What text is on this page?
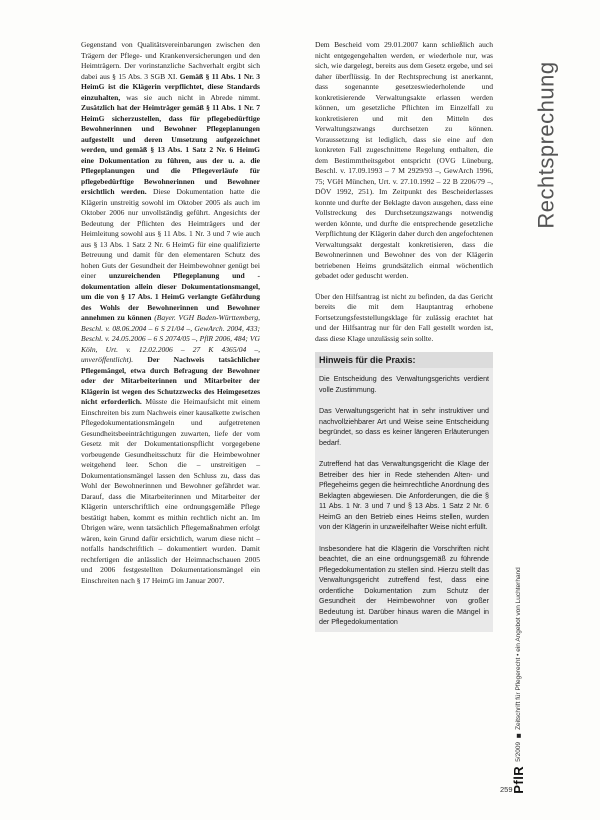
Gegenstand von Qualitätsvereinbarungen zwischen den Trägern der Pflege- und Krankenversicherungen und den Heimträgern. Der vorinstanzliche Sachverhalt ergibt sich dabei aus § 15 Abs. 3 SGB XI. Gemäß § 11 Abs. 1 Nr. 3 HeimG ist die Klägerin verpflichtet, diese Standards einzuhalten, was sie auch nicht in Abrede nimmt. Zusätzlich hat der Heimträger gemäß § 11 Abs. 1 Nr. 7 HeimG sicherzustellen, dass für pflegebedürftige Bewohnerinnen und Bewohner Pflegeplanungen aufgestellt und deren Umsetzung aufgezeichnet werden, und gemäß § 13 Abs. 1 Satz 2 Nr. 6 HeimG eine Dokumentation zu führen, aus der u. a. die Pflegeplanungen und die Pflegeverläufe für pflegebedürftige Bewohnerinnen und Bewohner ersichtlich werden. Diese Dokumentation hatte die Klägerin unstreitig sowohl im Oktober 2005 als auch im Oktober 2006 nur unvollständig geführt. Angesichts der Bedeutung der Pflichten des Heimträgers und der Heimleitung sowohl aus § 11 Abs. 1 Nr. 3 und 7 wie auch aus § 13 Abs. 1 Satz 2 Nr. 6 HeimG für eine qualifizierte Betreuung und damit für den elementaren Schutz des hohen Guts der Gesundheit der Heimbewohner genügt bei einer unzureichenden Pflegeplanung und -dokumentation allein dieser Dokumentationsmangel, um die von § 17 Abs. 1 HeimG verlangte Gefährdung des Wohls der Bewohnerinnen und Bewohner annehmen zu können (Bayer. VGH Baden-Württemberg, Beschl. v. 08.06.2004 – 6 S 21/04 –, GewArch. 2004, 433; Beschl. v. 24.05.2006 – 6 S 2074/05 –, PflR 2006, 484; VG Köln, Urt. v. 12.02.2006 – 27 K 4365/04 –, unveröffentlicht). Der Nachweis tatsächlicher Pflegemängel, etwa durch Befragung der Bewohner oder der Mitarbeiterinnen und Mitarbeiter der Klägerin ist wegen des Schutzzwecks des Heimgesetzes nicht erforderlich. Müsste die Heimaufsicht mit einem Einschreiten bis zum Nachweis einer kausalkette zwischen Pflegedokumentationsmängeln und aufgetretenen Gesundheitsbeeinträchtigungen zuwarten, liefe der vom Gesetz mit der Dokumentationspflicht vorgegebene vorbeugende Gesundheitsschutz für die Heimbewohner weitgehend leer. Schon die – unstreitigen – Dokumentationsmängel lassen den Schluss zu, dass das Wohl der Bewohnerinnen und Bewohner gefährdet war. Darauf, dass die Mitarbeiterinnen und Mitarbeiter der Klägerin unterschriftlich eine ordnungsgemäße Pflege bestätigt haben, kommt es mithin rechtlich nicht an. Im Übrigen wäre, wenn tatsächlich Pflegemaßnahmen erfolgt wären, kein Grund dafür ersichtlich, warum diese nicht – notfalls handschriftlich – dokumentiert wurden. Damit rechtfertigen die anlässlich der Heimnachschauen 2005 und 2006 festgestellten Dokumentationsmängel ein Einschreiten nach § 17 HeimG im Januar 2007.

Dem Bescheid vom 29.01.2007 kann schließlich auch nicht entgegengehalten werden, er wiederhole nur, was sich, wie dargelegt, bereits aus dem Gesetz ergebe, und sei daher überflüssig. In der Rechtsprechung ist anerkannt, dass sogenannte gesetzeswiederholende und konkretisierende Verwaltungsakte erlassen werden können, um gesetzliche Pflichten im Einzelfall zu konkretisieren und mit den Mitteln des Verwaltungszwangs durchsetzen zu können. Voraussetzung ist lediglich, dass sie eine auf den konkreten Fall zugeschnittene Regelung enthalten, die dem Bestimmtheitsgebot entspricht (OVG Lüneburg, Beschl. v. 17.09.1993 – 7 M 2929/93 –, GewArch 1996, 75; VGH München, Urt. v. 27.10.1992 – 22 B 2206/79 –, DÖV 1992, 251). Im Zeitpunkt des Bescheiderlasses konnte und durfte der Beklagte davon ausgehen, dass eine Vollstreckung des Durchsetzungszwangs notwendig werden könnte, und durfte die entsprechende gesetzliche Verpflichtung der Klägerin daher durch den angefochtenen Verwaltungsakt dergestalt konkretisieren, dass die Bewohnerinnen und Bewohner des von der Klägerin betriebenen Heims grundsätzlich einmal wöchentlich gebadet oder geduscht werden.

Über den Hilfsantrag ist nicht zu befinden, da das Gericht bereits die mit dem Hauptantrag erhobene Fortsetzungsfeststellungsklage für zulässig erachtet hat und der Hilfsantrag nur für den Fall gestellt worden ist, dass diese Klage unzulässig sein sollte.

Hinweis für die Praxis:

Die Entscheidung des Verwaltungsgerichts verdient volle Zustimmung.

Das Verwaltungsgericht hat in sehr instruktiver und nachvollziehbarer Art und Weise seine Entscheidung begründet, so dass es keiner längeren Erläuterungen bedarf.

Zutreffend hat das Verwaltungsgericht die Klage der Betreiber des hier in Rede stehenden Alten- und Pflegeheims gegen die heimrechtliche Anordnung des Beklagten abgewiesen. Die Anforderungen, die die § 11 Abs. 1 Nr. 3 und 7 und § 13 Abs. 1 Satz 2 Nr. 6 HeimG an den Betrieb eines Heims stellen, wurden von der Klägerin in unzweifelhafter Weise nicht erfüllt.

Insbesondere hat die Klägerin die Vorschriften nicht beachtet, die an eine ordnungsgemäß zu führende Pflegedokumentation zu stellen sind. Hierzu stellt das Verwaltungsgericht zutreffend fest, dass eine ordentliche Dokumentation zum Schutz der Gesundheit der Heimbewohner von großer Bedeutung ist. Darüber hinaus waren die Mängel in der Pflegedokumentation

Rechtsprechung
PflR
5/2009
Zeitschrift für Pflegerecht • ein Angebot von Luchterhand
259
